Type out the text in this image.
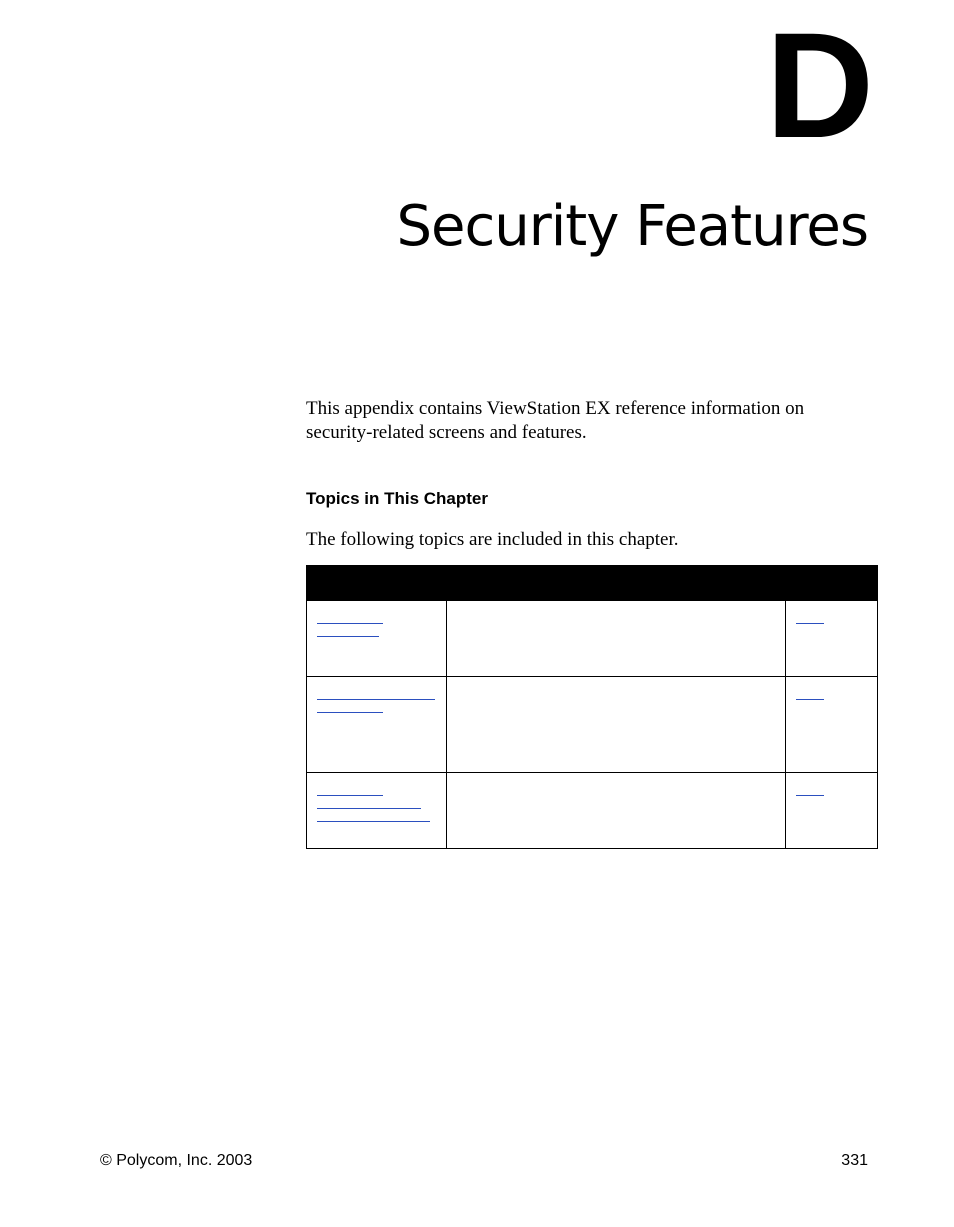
D
Security Features

This appendix contains ViewStation EX reference information on security-related screens and features.

Topics in This Chapter
The following topics are included in this chapter.

© Polycom, Inc. 2003	331
